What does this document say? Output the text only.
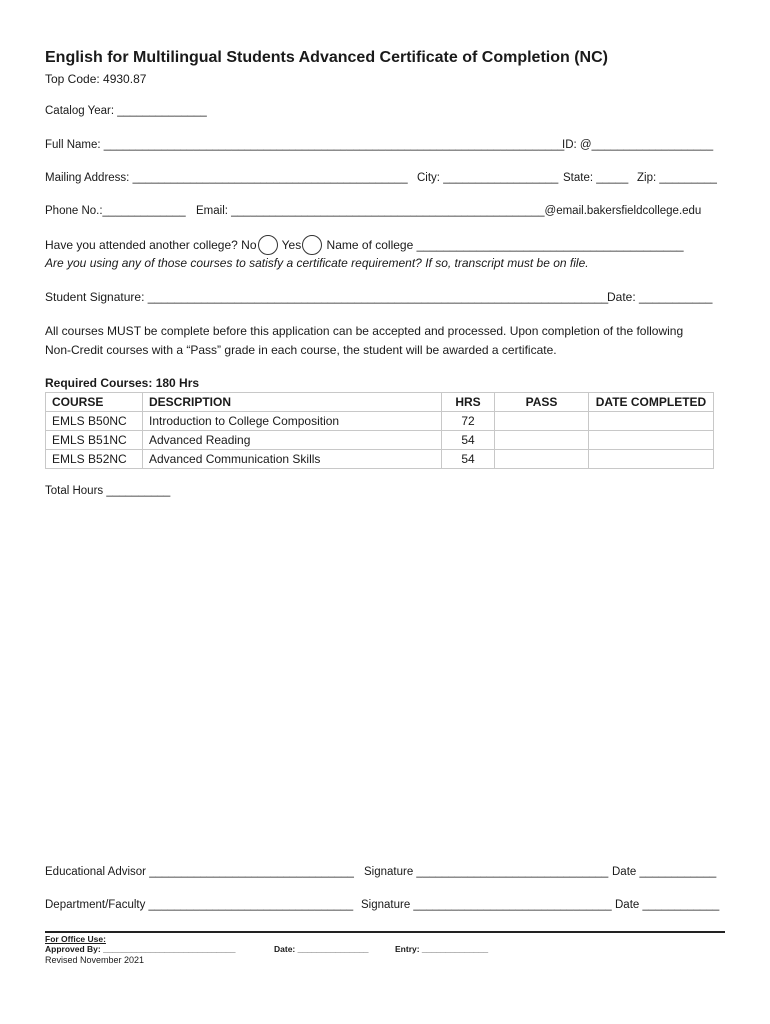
English for Multilingual Students Advanced Certificate of Completion (NC)
Top Code: 4930.87
Catalog Year: ______________
Full Name: ________________________________________________________________________
ID: @___________________
Mailing Address: ___________________________________________ City: __________________ State: _____ Zip: _________
Phone No.:_____________ Email: _________________________________________________@email.bakersfieldcollege.edu
Have you attended another college? No Yes Name of college ________________________________________
Are you using any of those courses to satisfy a certificate requirement? If so, transcript must be on file.
Student Signature: _____________________________________________________________________
Date: ___________
All courses MUST be complete before this application can be accepted and processed. Upon completion of the following
Non-Credit courses with a “Pass” grade in each course, the student will be awarded a certificate.
Required Courses: 180 Hrs
COURSE	DESCRIPTION	HRS	PASS	DATE COMPLETED
EMLS B50NC	Introduction to College Composition	72		
EMLS B51NC	Advanced Reading	54		
EMLS B52NC	Advanced Communication Skills	54		
Total Hours __________
Educational Advisor ________________________________ Signature ______________________________ Date ____________
Department/Faculty ________________________________ Signature _______________________________ Date ____________
For Office Use:
Approved By: ____________________________	Date: _______________	Entry: ______________
Revised November 2021
